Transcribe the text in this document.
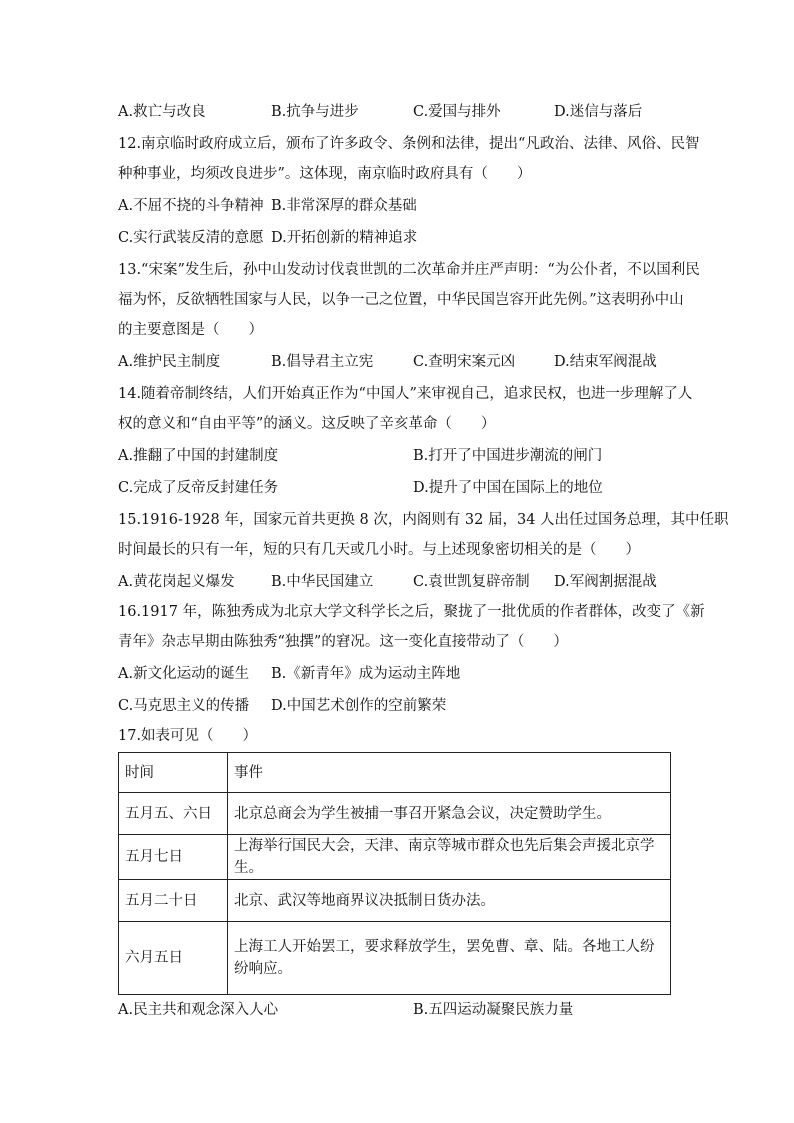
A.救亡与改良	B.抗争与进步	C.爱国与排外	D.迷信与落后
12.南京临时政府成立后，颁布了许多政令、条例和法律，提出“凡政治、法律、风俗、民智
种种事业，均须改良进步”。这体现，南京临时政府具有（　　）
A.不屈不挠的斗争精神 B.非常深厚的群众基础
C.实行武装反清的意愿 D.开拓创新的精神追求
13.“宋案”发生后，孙中山发动讨伐袁世凯的二次革命并庄严声明：“为公仆者，不以国利民
福为怀，反欲牺牲国家与人民，以争一己之位置，中华民国岂容开此先例。”这表明孙中山
的主要意图是（　　）
A.维护民主制度	B.倡导君主立宪	C.查明宋案元凶	D.结束军阀混战
14.随着帝制终结，人们开始真正作为“中国人”来审视自己，追求民权，也进一步理解了人
权的意义和“自由平等”的涵义。这反映了辛亥革命（　　）
A.推翻了中国的封建制度	B.打开了中国进步潮流的闸门
C.完成了反帝反封建任务	D.提升了中国在国际上的地位
15.1916-1928 年，国家元首共更换 8 次，内阁则有 32 届，34 人出任过国务总理，其中任职
时间最长的只有一年，短的只有几天或几小时。与上述现象密切相关的是（　　）
A.黄花岗起义爆发	B.中华民国建立	C.袁世凯复辟帝制 D.军阀割据混战
16.1917 年，陈独秀成为北京大学文科学长之后，聚拢了一批优质的作者群体，改变了《新
青年》杂志早期由陈独秀“独撰”的窘况。这一变化直接带动了（　　）
A.新文化运动的诞生 B.《新青年》成为运动主阵地
C.马克思主义的传播 D.中国艺术创作的空前繁荣
17.如表可见（　　）
时间	事件
五月五、六日	北京总商会为学生被捕一事召开紧急会议，决定赞助学生。
五月七日	上海举行国民大会，天津、南京等城市群众也先后集会声援北京学生。
五月二十日	北京、武汉等地商界议决抵制日货办法。
六月五日	上海工人开始罢工，要求释放学生，罢免曹、章、陆。各地工人纷纷响应。
A.民主共和观念深入人心	B.五四运动凝聚民族力量
